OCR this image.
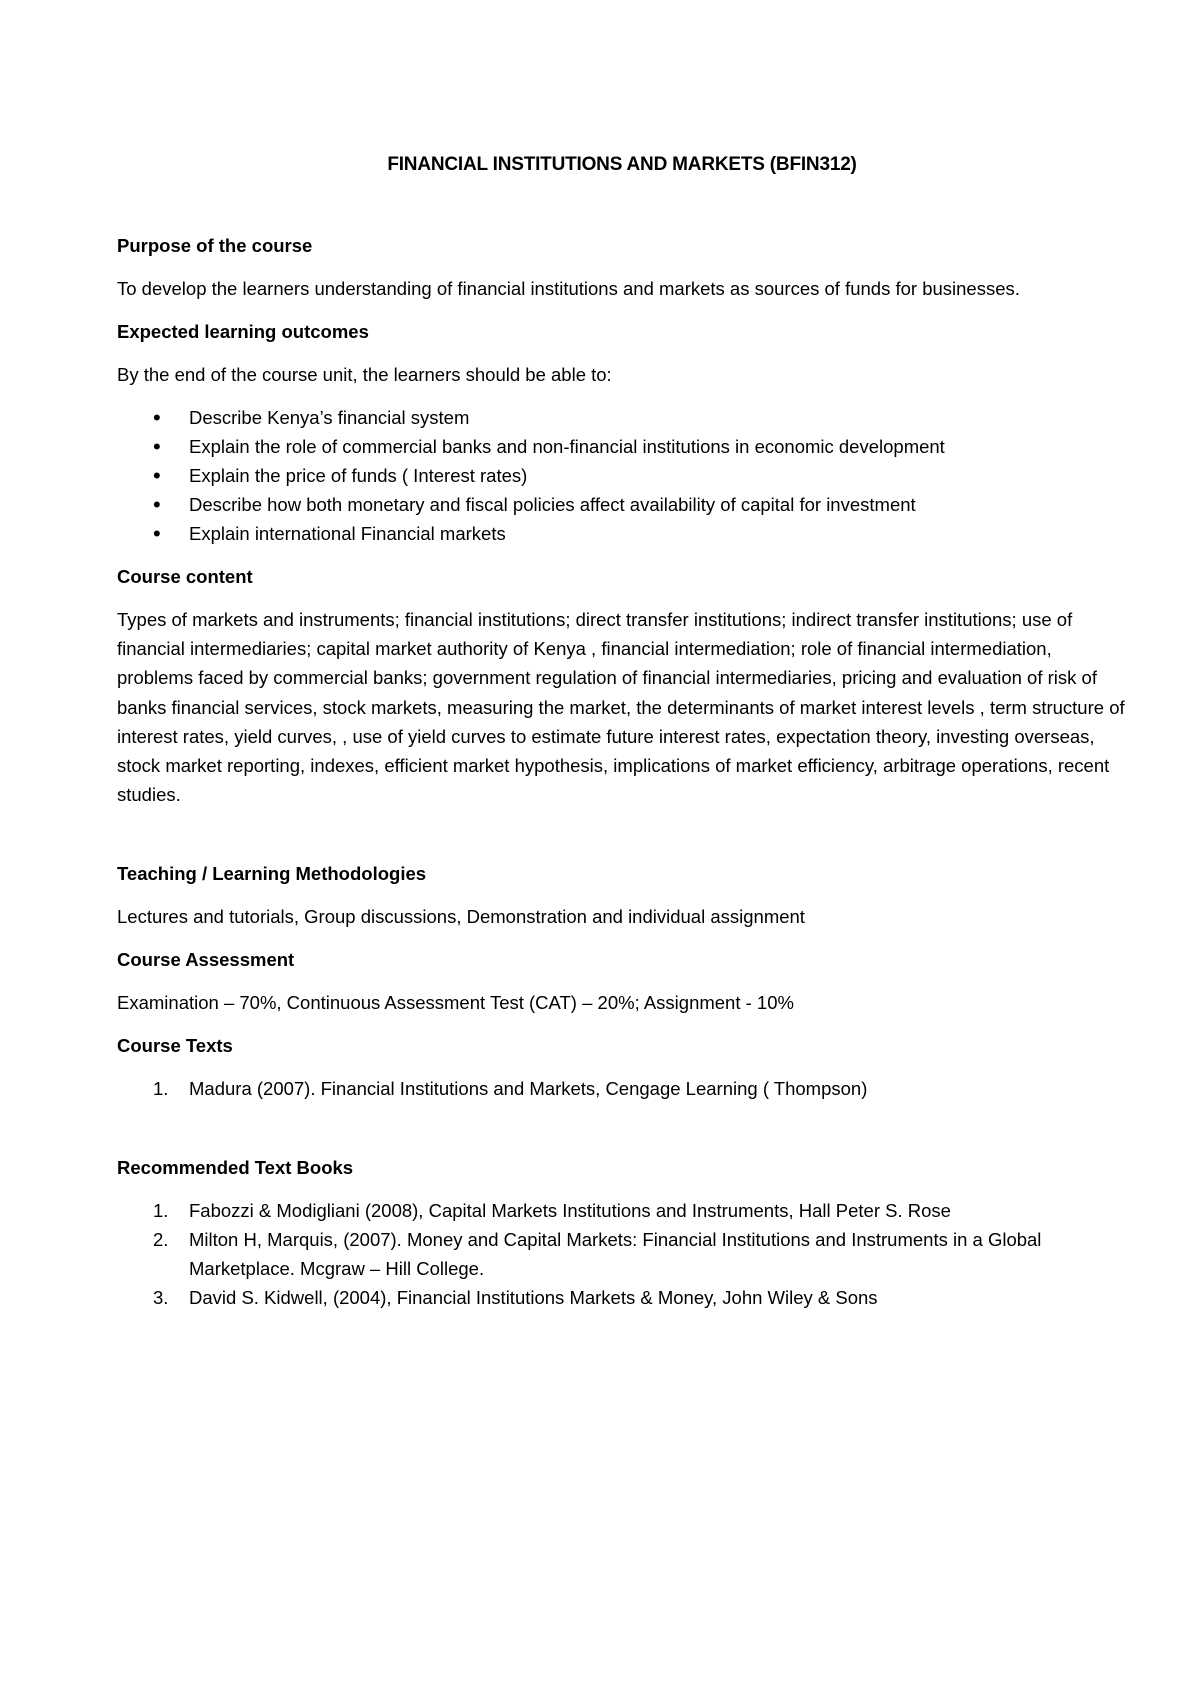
FINANCIAL INSTITUTIONS AND MARKETS (BFIN312)
Purpose of the course
To develop the learners understanding of financial institutions and markets as sources of funds for businesses.
Expected learning outcomes
By the end of the course unit, the learners should be able to:
• Describe Kenya’s financial system
• Explain the role of commercial banks and non-financial institutions in economic development
• Explain the price of funds ( Interest rates)
• Describe how both monetary and fiscal policies affect availability of capital for investment
• Explain international Financial markets
Course content
Types of markets and instruments; financial institutions; direct transfer institutions; indirect transfer institutions; use of financial intermediaries; capital market authority of Kenya , financial intermediation; role of financial intermediation, problems faced by commercial banks; government regulation of financial intermediaries, pricing and evaluation of risk of banks financial services, stock markets, measuring the market, the determinants of market interest levels , term structure of interest rates, yield curves, , use of yield curves to estimate future interest rates, expectation theory, investing overseas, stock market reporting, indexes, efficient market hypothesis, implications of market efficiency, arbitrage operations, recent studies.
Teaching / Learning Methodologies
Lectures and tutorials, Group discussions, Demonstration and individual assignment
Course Assessment
Examination – 70%, Continuous Assessment Test (CAT) – 20%; Assignment - 10%
Course Texts
1. Madura (2007). Financial Institutions and Markets, Cengage Learning ( Thompson)
Recommended Text Books
1. Fabozzi & Modigliani (2008), Capital Markets Institutions and Instruments, Hall Peter S. Rose
2. Milton H, Marquis, (2007). Money and Capital Markets: Financial Institutions and Instruments in a Global Marketplace. Mcgraw – Hill College.
3. David S. Kidwell, (2004), Financial Institutions Markets & Money, John Wiley & Sons
